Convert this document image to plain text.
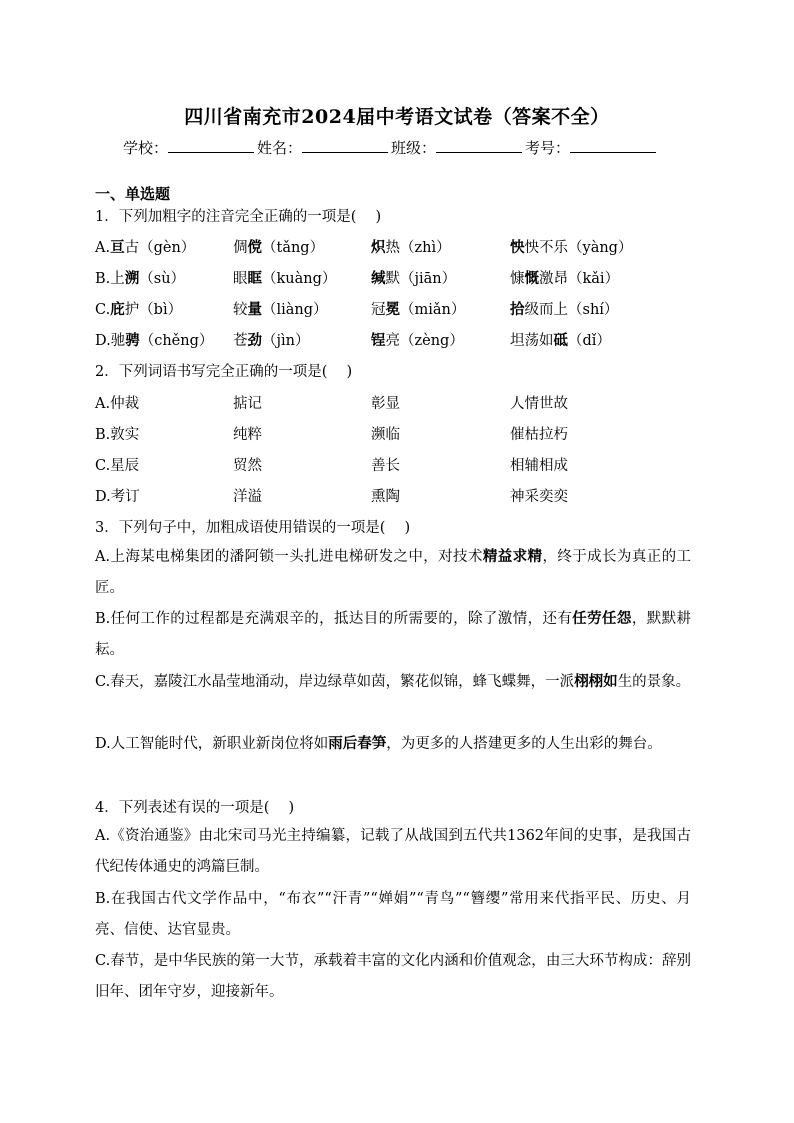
四川省南充市2024届中考语文试卷（答案不全）
学校：	姓名：	班级：	考号：
一、单选题
1．下列加粗字的注音完全正确的一项是(　 )
A.亘古（gèn）	倜傥（tǎng）	炽热（zhì）	怏怏不乐（yàng）
B.上溯（sù）	眼眶（kuàng） 缄默（jiān）	慷慨激昂（kǎi）
C.庇护（bì）	较量（liàng）	冠冕（miǎn）	拾级而上（shí）
D.驰骋（chěng） 苍劲（jìn）	锃亮（zèng）	坦荡如砥（dǐ）
2．下列词语书写完全正确的一项是(　 )
A.仲裁	掂记	彰显	人情世故
B.敦实	纯粹	濒临	催枯拉朽
C.星辰	贸然	善长	相辅相成
D.考订	洋溢	熏陶	神采奕奕
3．下列句子中，加粗成语使用错误的一项是(　 )
A.上海某电梯集团的潘阿锁一头扎进电梯研发之中，对技术精益求精，终于成长为真正的工匠。
B.任何工作的过程都是充满艰辛的，抵达目的所需要的，除了激情，还有任劳任怨，默默耕耘。
C.春天，嘉陵江水晶莹地涌动，岸边绿草如茵，繁花似锦，蜂飞蝶舞，一派栩栩如生的景象。
D.人工智能时代，新职业新岗位将如雨后春笋，为更多的人搭建更多的人生出彩的舞台。
4．下列表述有误的一项是(　 )
A.《资治通鉴》由北宋司马光主持编纂，记载了从战国到五代共1362年间的史事，是我国古代纪传体通史的鸿篇巨制。
B.在我国古代文学作品中，“布衣”“汗青”“婵娟”“青鸟”“簪缨”常用来代指平民、历史、月亮、信使、达官显贵。
C.春节，是中华民族的第一大节，承载着丰富的文化内涵和价值观念，由三大环节构成：辞别旧年、团年守岁，迎接新年。
